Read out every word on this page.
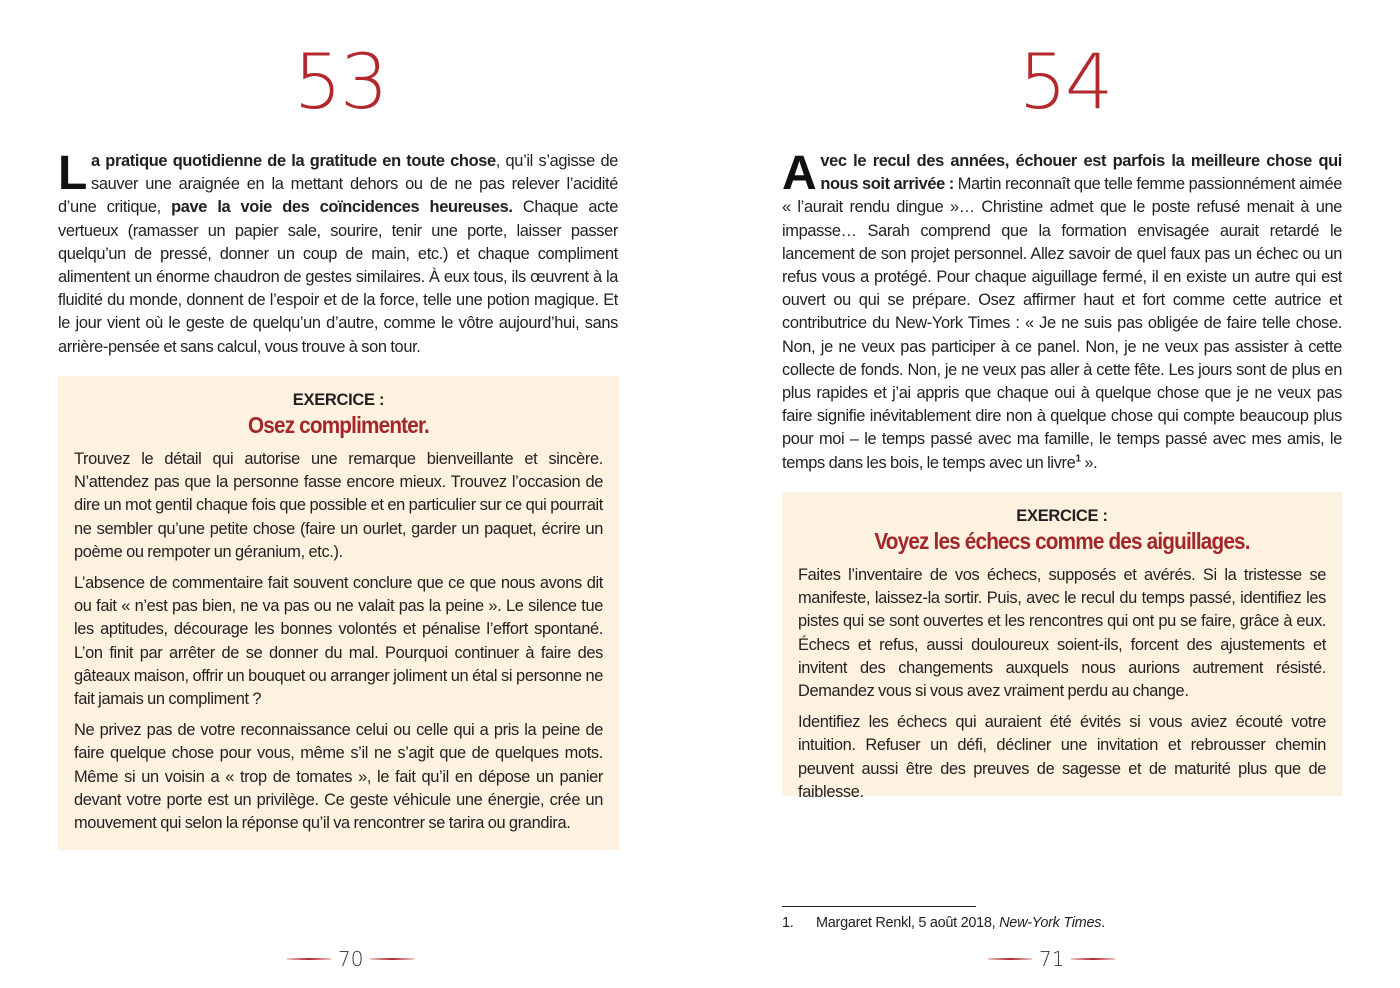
53
La pratique quotidienne de la gratitude en toute chose, qu’il s’agisse de sauver une araignée en la mettant dehors ou de ne pas relever l’acidité d’une critique, pave la voie des coïncidences heureuses. Chaque acte vertueux (ramasser un papier sale, sourire, tenir une porte, laisser passer quelqu’un de pressé, donner un coup de main, etc.) et chaque compliment alimentent un énorme chaudron de gestes similaires. À eux tous, ils œuvrent à la fluidité du monde, donnent de l’espoir et de la force, telle une potion magique. Et le jour vient où le geste de quelqu’un d’autre, comme le vôtre aujourd’hui, sans arrière-pensée et sans calcul, vous trouve à son tour.
EXERCICE :
Osez complimenter.

Trouvez le détail qui autorise une remarque bienveillante et sincère. N’attendez pas que la personne fasse encore mieux. Trouvez l’occasion de dire un mot gentil chaque fois que possible et en particulier sur ce qui pourrait ne sembler qu’une petite chose (faire un ourlet, garder un paquet, écrire un poème ou rempoter un géranium, etc.).

L’absence de commentaire fait souvent conclure que ce que nous avons dit ou fait « n’est pas bien, ne va pas ou ne valait pas la peine ». Le silence tue les aptitudes, décourage les bonnes volontés et pénalise l’effort spontané. L’on finit par arrêter de se donner du mal. Pourquoi continuer à faire des gâteaux maison, offrir un bouquet ou arranger joliment un étal si personne ne fait jamais un compliment ?

Ne privez pas de votre reconnaissance celui ou celle qui a pris la peine de faire quelque chose pour vous, même s’il ne s’agit que de quelques mots. Même si un voisin a « trop de tomates », le fait qu’il en dépose un panier devant votre porte est un privilège. Ce geste véhicule une énergie, crée un mouvement qui selon la réponse qu’il va rencontrer se tarira ou grandira.

70
54
Avec le recul des années, échouer est parfois la meilleure chose qui nous soit arrivée : Martin reconnaît que telle femme passionnément aimée « l’aurait rendu dingue »… Christine admet que le poste refusé menait à une impasse… Sarah comprend que la formation envisagée aurait retardé le lancement de son projet personnel. Allez savoir de quel faux pas un échec ou un refus vous a protégé. Pour chaque aiguillage fermé, il en existe un autre qui est ouvert ou qui se prépare. Osez affirmer haut et fort comme cette autrice et contributrice du New-York Times : « Je ne suis pas obligée de faire telle chose. Non, je ne veux pas participer à ce panel. Non, je ne veux pas assister à cette collecte de fonds. Non, je ne veux pas aller à cette fête. Les jours sont de plus en plus rapides et j’ai appris que chaque oui à quelque chose que je ne veux pas faire signifie inévitablement dire non à quelque chose qui compte beaucoup plus pour moi – le temps passé avec ma famille, le temps passé avec mes amis, le temps dans les bois, le temps avec un livre$^1$ ».
EXERCICE :
Voyez les échecs comme des aiguillages.

Faites l’inventaire de vos échecs, supposés et avérés. Si la tristesse se manifeste, laissez-la sortir. Puis, avec le recul du temps passé, identifiez les pistes qui se sont ouvertes et les rencontres qui ont pu se faire, grâce à eux. Échecs et refus, aussi douloureux soient-ils, forcent des ajustements et invitent des changements auxquels nous aurions autrement résisté. Demandez vous si vous avez vraiment perdu au change.

Identifiez les échecs qui auraient été évités si vous aviez écouté votre intuition. Refuser un défi, décliner une invitation et rebrousser chemin peuvent aussi être des preuves de sagesse et de maturité plus que de faiblesse.

1. Margaret Renkl, 5 août 2018, New-York Times.
71
